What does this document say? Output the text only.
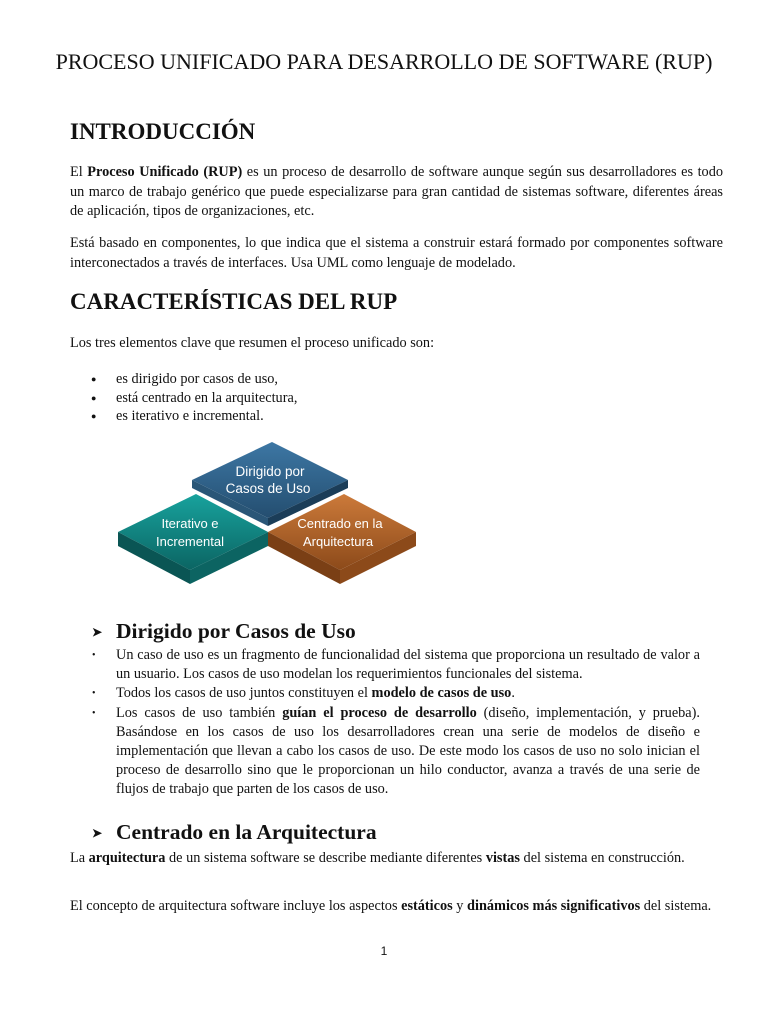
PROCESO UNIFICADO PARA DESARROLLO DE SOFTWARE (RUP)
INTRODUCCIÓN

El Proceso Unificado (RUP) es un proceso de desarrollo de software aunque según sus desarrolladores es todo un marco de trabajo genérico que puede especializarse para gran cantidad de sistemas software, diferentes áreas de aplicación, tipos de organizaciones, etc.

Está basado en componentes, lo que indica que el sistema a construir estará formado por componentes software interconectados a través de interfaces. Usa UML como lenguaje de modelado.

CARACTERÍSTICAS DEL RUP

Los tres elementos clave que resumen el proceso unificado son:

● es dirigido por casos de uso,
● está centrado en la arquitectura,
● es iterativo e incremental.
Dirigido por
Casos de Uso
Iterativo e
Incremental
Centrado en la
Arquitectura
➤ Dirigido por Casos de Uso
• Un caso de uso es un fragmento de funcionalidad del sistema que proporciona un resultado de valor a un usuario. Los casos de uso modelan los requerimientos funcionales del sistema.
• Todos los casos de uso juntos constituyen el modelo de casos de uso.
• Los casos de uso también guían el proceso de desarrollo (diseño, implementación, y prueba). Basándose en los casos de uso los desarrolladores crean una serie de modelos de diseño e implementación que llevan a cabo los casos de uso. De este modo los casos de uso no solo inician el proceso de desarrollo sino que le proporcionan un hilo conductor, avanza a través de una serie de flujos de trabajo que parten de los casos de uso.
➤ Centrado en la Arquitectura

La arquitectura de un sistema software se describe mediante diferentes vistas del sistema en construcción.

El concepto de arquitectura software incluye los aspectos estáticos y dinámicos más significativos del sistema.

1
